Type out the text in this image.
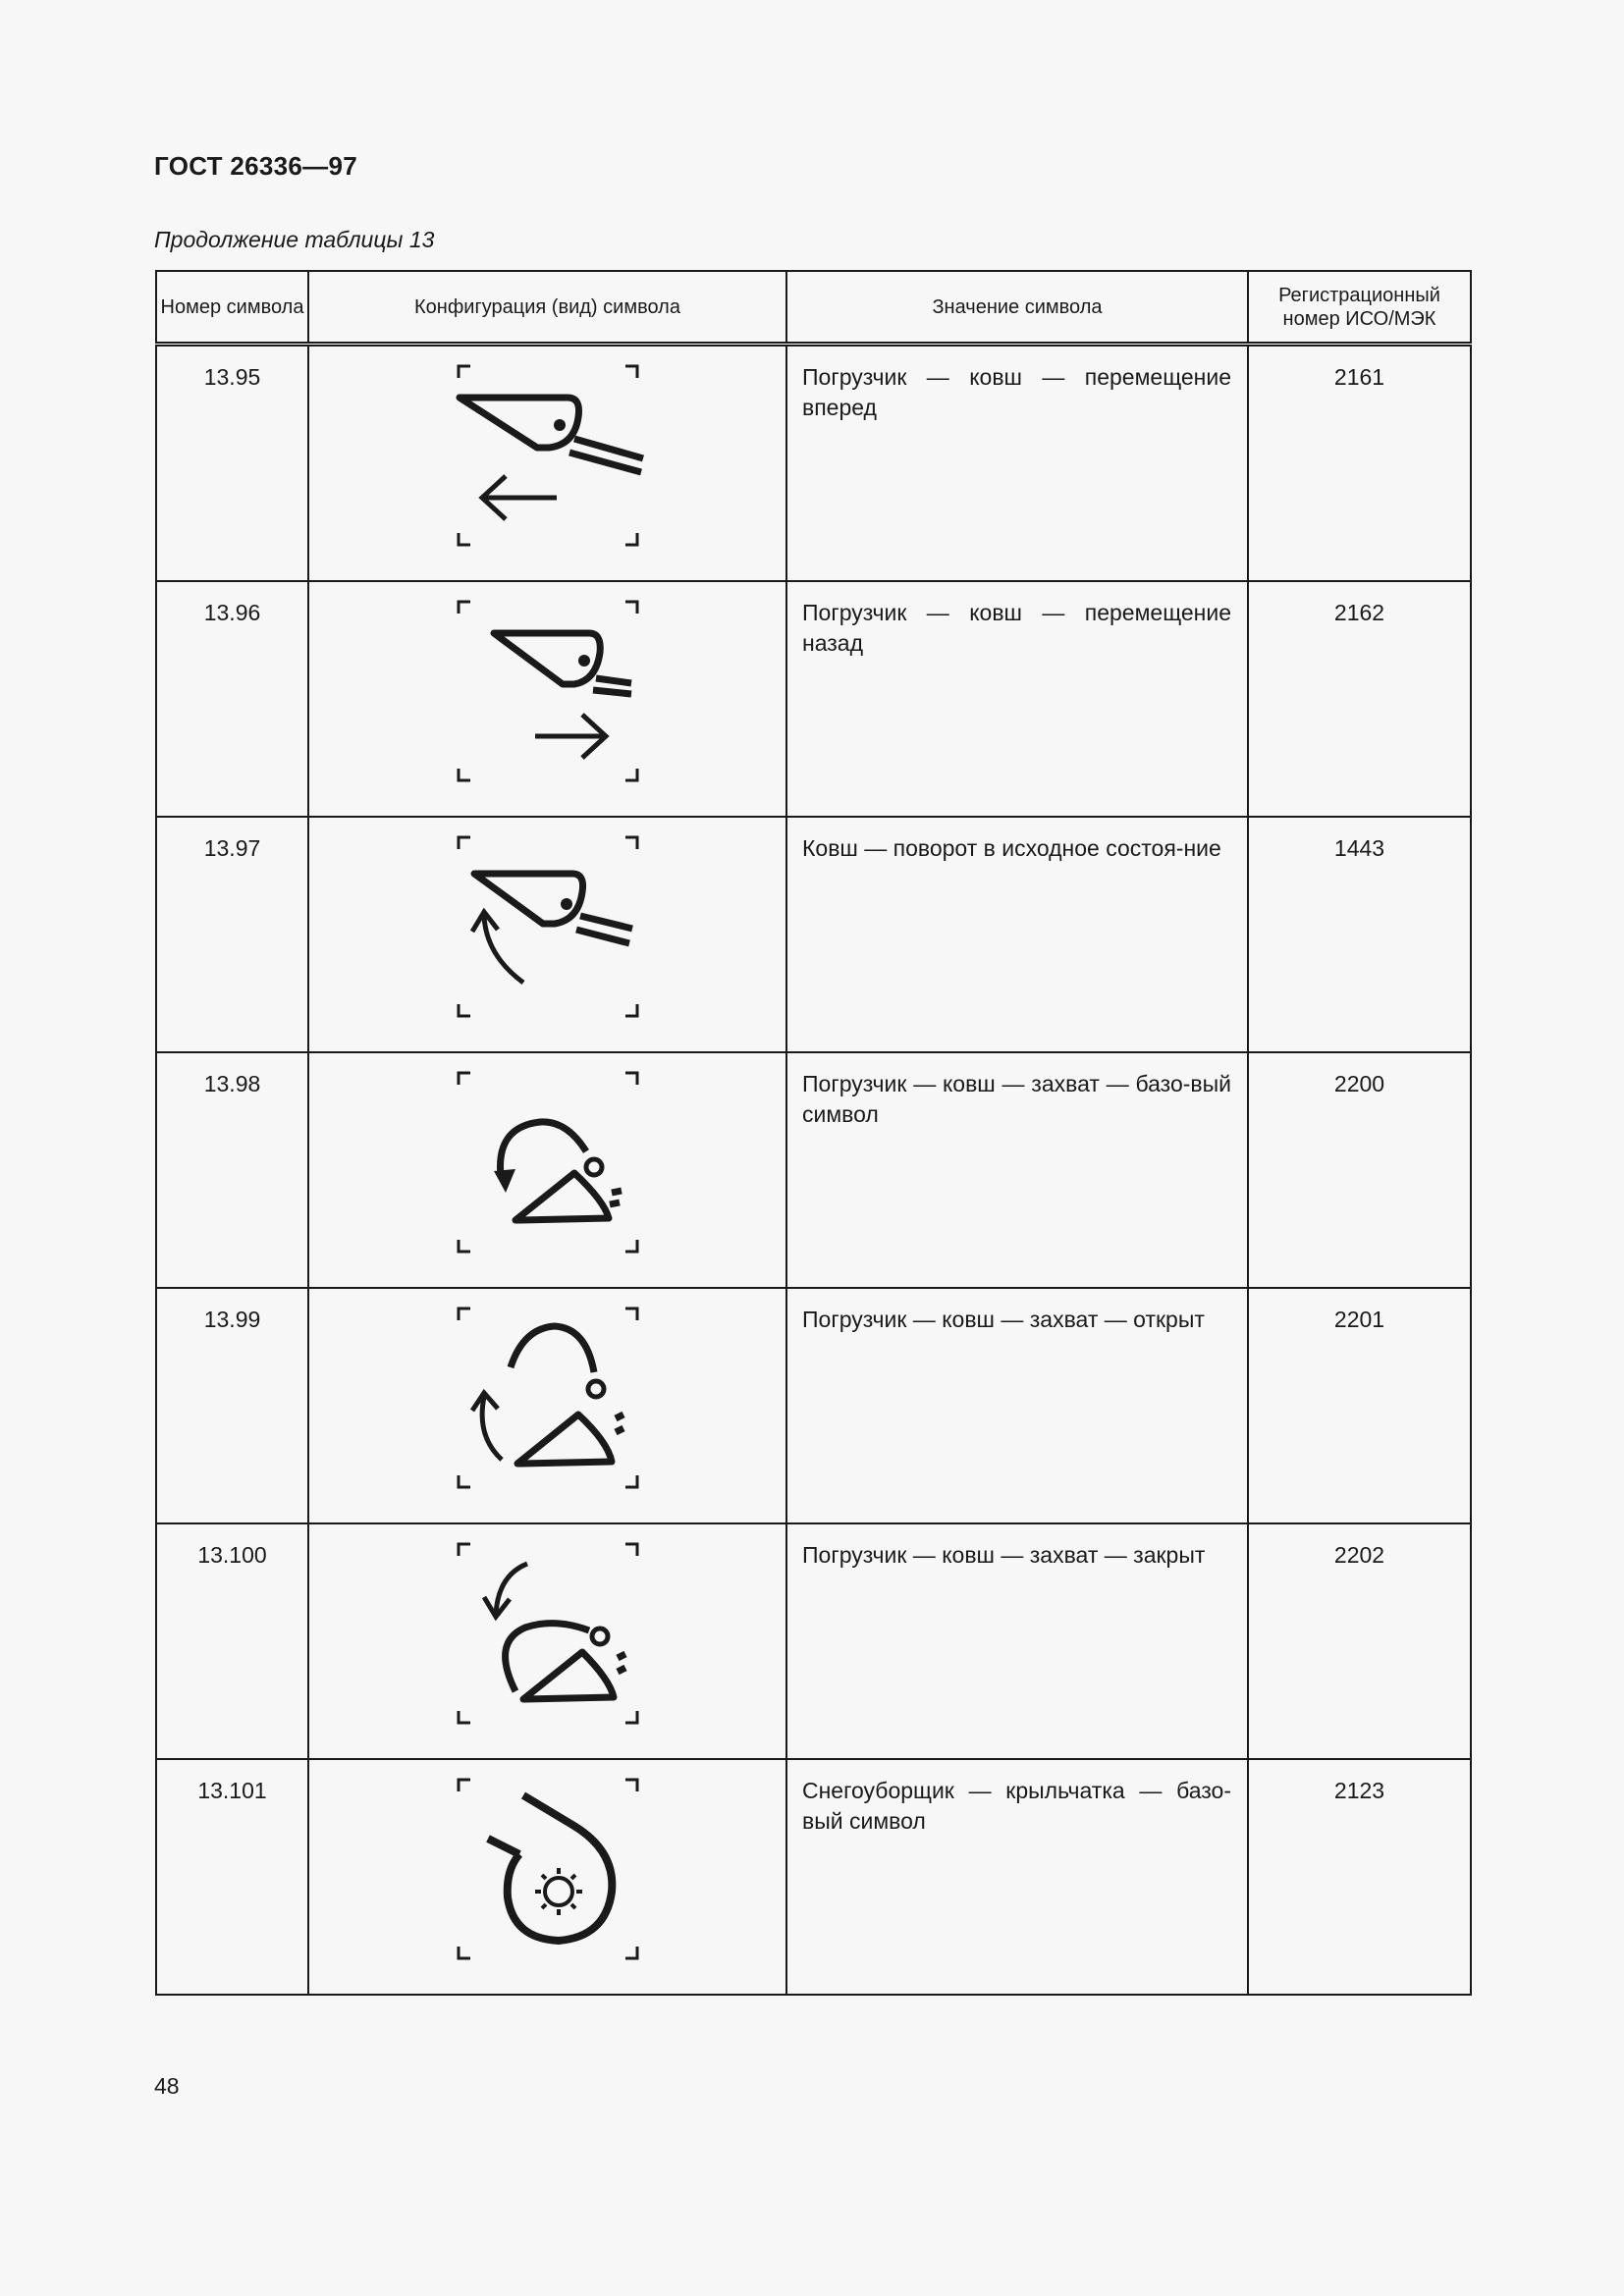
ГОСТ 26336—97
Продолжение таблицы 13
Номер символа	Конфигурация (вид) символа	Значение символа	Регистрационный номер ИСО/МЭК
13.95		Погрузчик — ковш — перемещение вперед	2161
13.96		Погрузчик — ковш — перемещение назад	2162
13.97		Ковш — поворот в исходное состоя-ние	1443
13.98		Погрузчик — ковш — захват — базо-вый символ	2200
13.99		Погрузчик — ковш — захват — открыт	2201
13.100		Погрузчик — ковш — захват — закрыт	2202
13.101		Снегоуборщик — крыльчатка — базо-вый символ	2123
48
